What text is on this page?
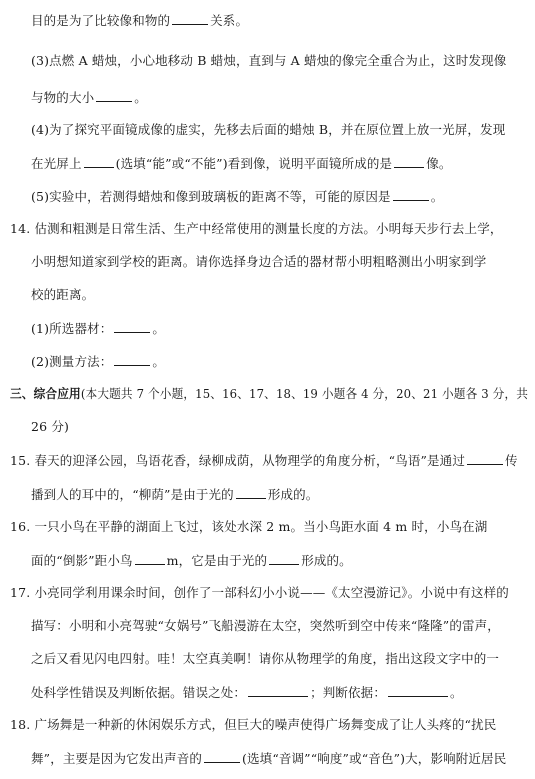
目的是为了比较像和物的	关系。
(3)点燃 A 蜡烛，小心地移动 B 蜡烛，直到与 A 蜡烛的像完全重合为止，这时发现像
与物的大小	。
(4)为了探究平面镜成像的虚实，先移去后面的蜡烛 B，并在原位置上放一光屏，发现
在光屏上	(选填“能”或“不能”)看到像，说明平面镜所成的是	像。
(5)实验中，若测得蜡烛和像到玻璃板的距离不等，可能的原因是	。
14. 估测和粗测是日常生活、生产中经常使用的测量长度的方法。小明每天步行去上学，
小明想知道家到学校的距离。请你选择身边合适的器材帮小明粗略测出小明家到学
校的距离。
(1)所选器材：	。
(2)测量方法：	。
三、综合应用(本大题共 7 个小题，15、16、17、18、19 小题各 4 分，20、21 小题各 3 分，共
26 分)
15. 春天的迎泽公园，鸟语花香，绿柳成荫，从物理学的角度分析，“鸟语”是通过	传
播到人的耳中的，“柳荫”是由于光的	形成的。
16. 一只小鸟在平静的湖面上飞过，该处水深 2 m。当小鸟距水面 4 m 时，小鸟在湖
面的“倒影”距小鸟	m，它是由于光的	形成的。
17. 小亮同学利用课余时间，创作了一部科幻小小说——《太空漫游记》。小说中有这样的
描写：小明和小亮驾驶“女娲号”飞船漫游在太空，突然听到空中传来“隆隆”的雷声，
之后又看见闪电四射。哇！太空真美啊！请你从物理学的角度，指出这段文字中的一
处科学性错误及判断依据。错误之处：	；判断依据：	。
18. 广场舞是一种新的休闲娱乐方式，但巨大的噪声使得广场舞变成了让人头疼的“扰民
舞”，主要是因为它发出声音的	(选填“音调”“响度”或“音色”)大，影响附近居民
